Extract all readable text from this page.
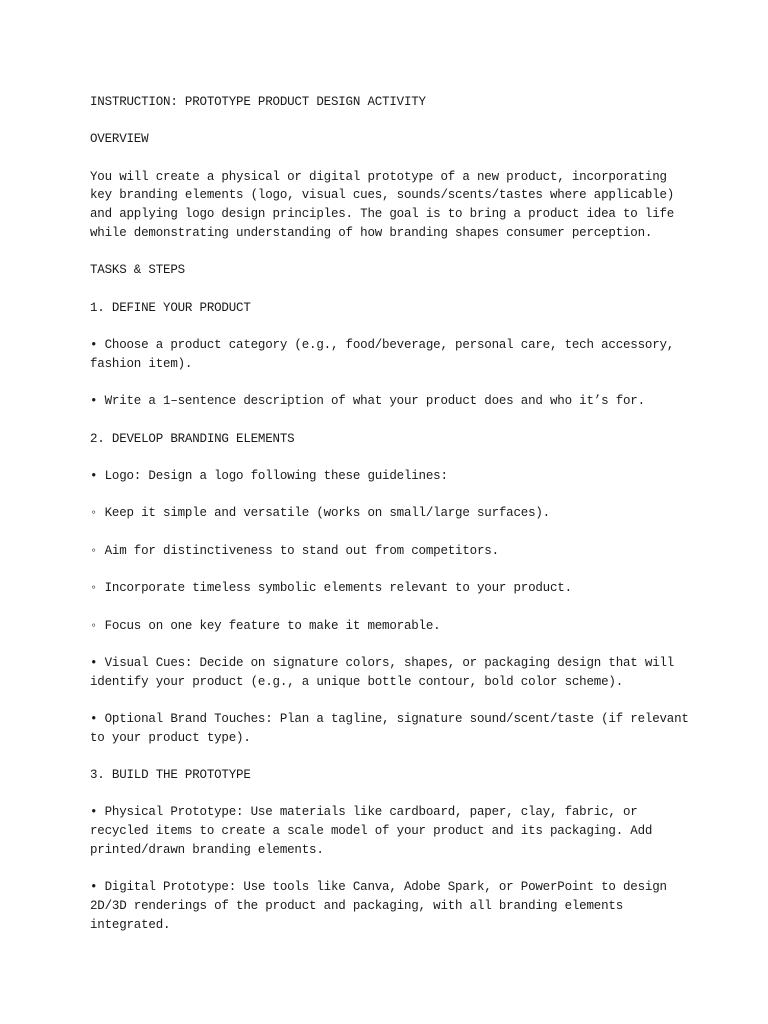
INSTRUCTION: PROTOTYPE PRODUCT DESIGN ACTIVITY

OVERVIEW

You will create a physical or digital prototype of a new product, incorporating key branding elements (logo, visual cues, sounds/scents/tastes where applicable) and applying logo design principles. The goal is to bring a product idea to life while demonstrating understanding of how branding shapes consumer perception.

TASKS & STEPS

1. DEFINE YOUR PRODUCT

• Choose a product category (e.g., food/beverage, personal care, tech accessory, fashion item).

• Write a 1–sentence description of what your product does and who it’s for.

2. DEVELOP BRANDING ELEMENTS

• Logo: Design a logo following these guidelines:

◦ Keep it simple and versatile (works on small/large surfaces).

◦ Aim for distinctiveness to stand out from competitors.

◦ Incorporate timeless symbolic elements relevant to your product.

◦ Focus on one key feature to make it memorable.

• Visual Cues: Decide on signature colors, shapes, or packaging design that will identify your product (e.g., a unique bottle contour, bold color scheme).

• Optional Brand Touches: Plan a tagline, signature sound/scent/taste (if relevant to your product type).

3. BUILD THE PROTOTYPE

• Physical Prototype: Use materials like cardboard, paper, clay, fabric, or recycled items to create a scale model of your product and its packaging. Add printed/drawn branding elements.

• Digital Prototype: Use tools like Canva, Adobe Spark, or PowerPoint to design 2D/3D renderings of the product and packaging, with all branding elements integrated.
